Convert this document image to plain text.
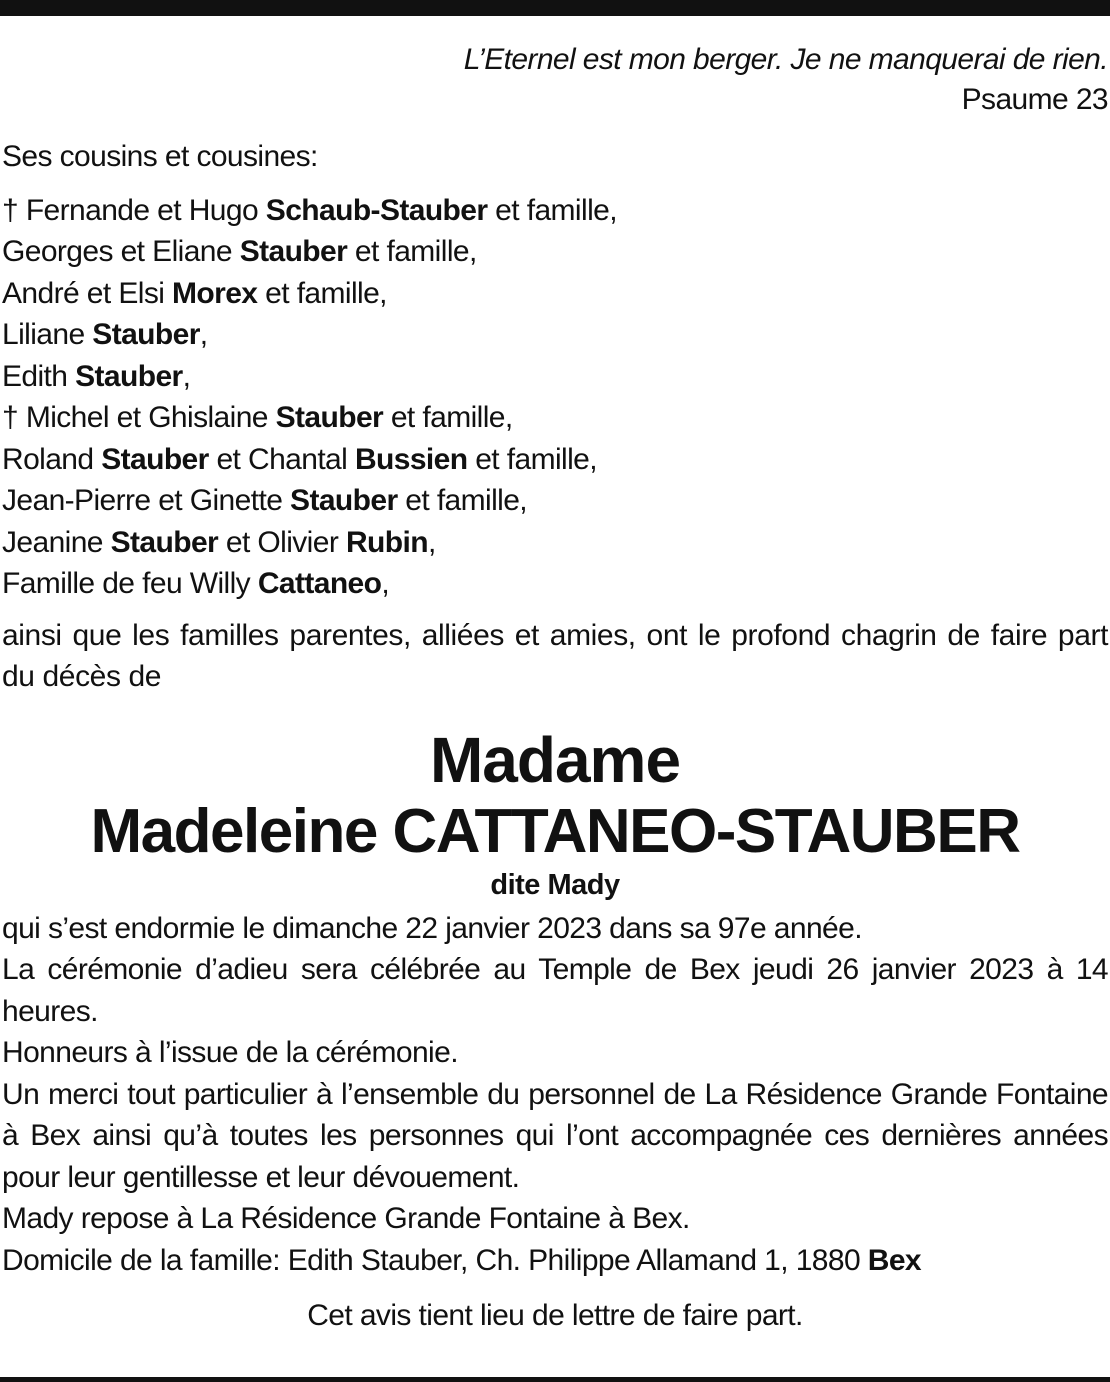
L’Eternel est mon berger. Je ne manquerai de rien.
Psaume 23
Ses cousins et cousines:
† Fernande et Hugo Schaub-Stauber et famille,
Georges et Eliane Stauber et famille,
André et Elsi Morex et famille,
Liliane Stauber,
Edith Stauber,
† Michel et Ghislaine Stauber et famille,
Roland Stauber et Chantal Bussien et famille,
Jean-Pierre et Ginette Stauber et famille,
Jeanine Stauber et Olivier Rubin,
Famille de feu Willy Cattaneo,
ainsi que les familles parentes, alliées et amies, ont le profond chagrin de faire part du décès de
Madame
Madeleine CATTANEO-STAUBER
dite Mady

qui s’est endormie le dimanche 22 janvier 2023 dans sa 97e année.

La cérémonie d’adieu sera célébrée au Temple de Bex jeudi 26 janvier 2023 à 14 heures.

Honneurs à l’issue de la cérémonie.

Un merci tout particulier à l’ensemble du personnel de La Résidence Grande Fontaine à Bex ainsi qu’à toutes les personnes qui l’ont accompagnée ces dernières années pour leur gentillesse et leur dévouement.

Mady repose à La Résidence Grande Fontaine à Bex.

Domicile de la famille: Edith Stauber, Ch. Philippe Allamand 1, 1880 Bex

Cet avis tient lieu de lettre de faire part.
